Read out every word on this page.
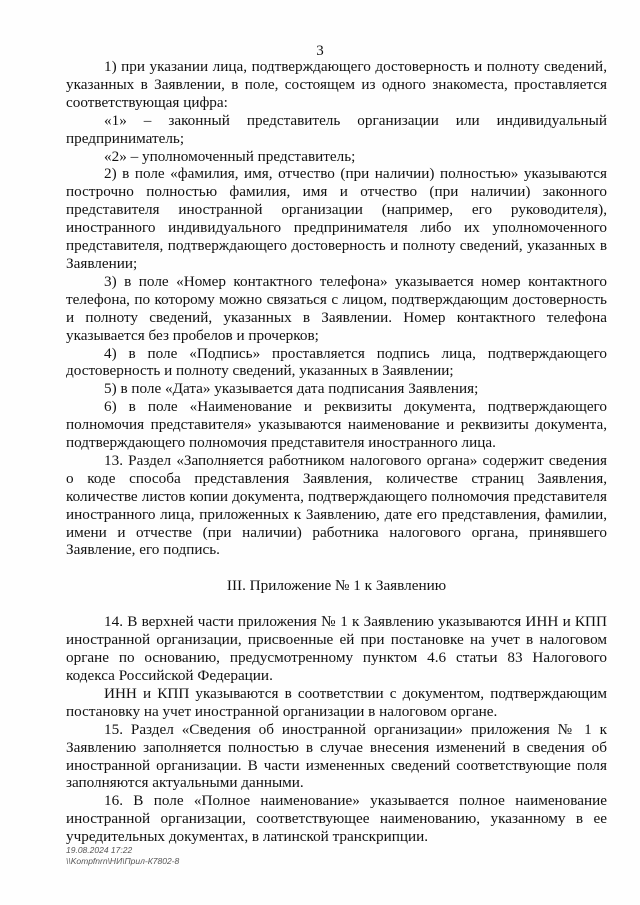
3

1) при указании лица, подтверждающего достоверность и полноту сведений, указанных в Заявлении, в поле, состоящем из одного знакоместа, проставляется соответствующая цифра:

«1» – законный представитель организации или индивидуальный предприниматель;

«2» – уполномоченный представитель;

2) в поле «фамилия, имя, отчество (при наличии) полностью» указываются построчно полностью фамилия, имя и отчество (при наличии) законного представителя иностранной организации (например, его руководителя), иностранного индивидуального предпринимателя либо их уполномоченного представителя, подтверждающего достоверность и полноту сведений, указанных в Заявлении;

3) в поле «Номер контактного телефона» указывается номер контактного телефона, по которому можно связаться с лицом, подтверждающим достоверность и полноту сведений, указанных в Заявлении. Номер контактного телефона указывается без пробелов и прочерков;

4) в поле «Подпись» проставляется подпись лица, подтверждающего достоверность и полноту сведений, указанных в Заявлении;

5) в поле «Дата» указывается дата подписания Заявления;

6) в поле «Наименование и реквизиты документа, подтверждающего полномочия представителя» указываются наименование и реквизиты документа, подтверждающего полномочия представителя иностранного лица.

13. Раздел «Заполняется работником налогового органа» содержит сведения о коде способа представления Заявления, количестве страниц Заявления, количестве листов копии документа, подтверждающего полномочия представителя иностранного лица, приложенных к Заявлению, дате его представления, фамилии, имени и отчестве (при наличии) работника налогового органа, принявшего Заявление, его подпись.

III. Приложение № 1 к Заявлению

14. В верхней части приложения № 1 к Заявлению указываются ИНН и КПП иностранной организации, присвоенные ей при постановке на учет в налоговом органе по основанию, предусмотренному пунктом 4.6 статьи 83 Налогового кодекса Российской Федерации.

ИНН и КПП указываются в соответствии с документом, подтверждающим постановку на учет иностранной организации в налоговом органе.

15. Раздел «Сведения об иностранной организации» приложения № 1 к Заявлению заполняется полностью в случае внесения изменений в сведения об иностранной организации. В части измененных сведений соответствующие поля заполняются актуальными данными.

16. В поле «Полное наименование» указывается полное наименование иностранной организации, соответствующее наименованию, указанному в ее учредительных документах, в латинской транскрипции.

19.08.2024 17:22
\\Kompfnrn\НИ\Прил-К7802-8
